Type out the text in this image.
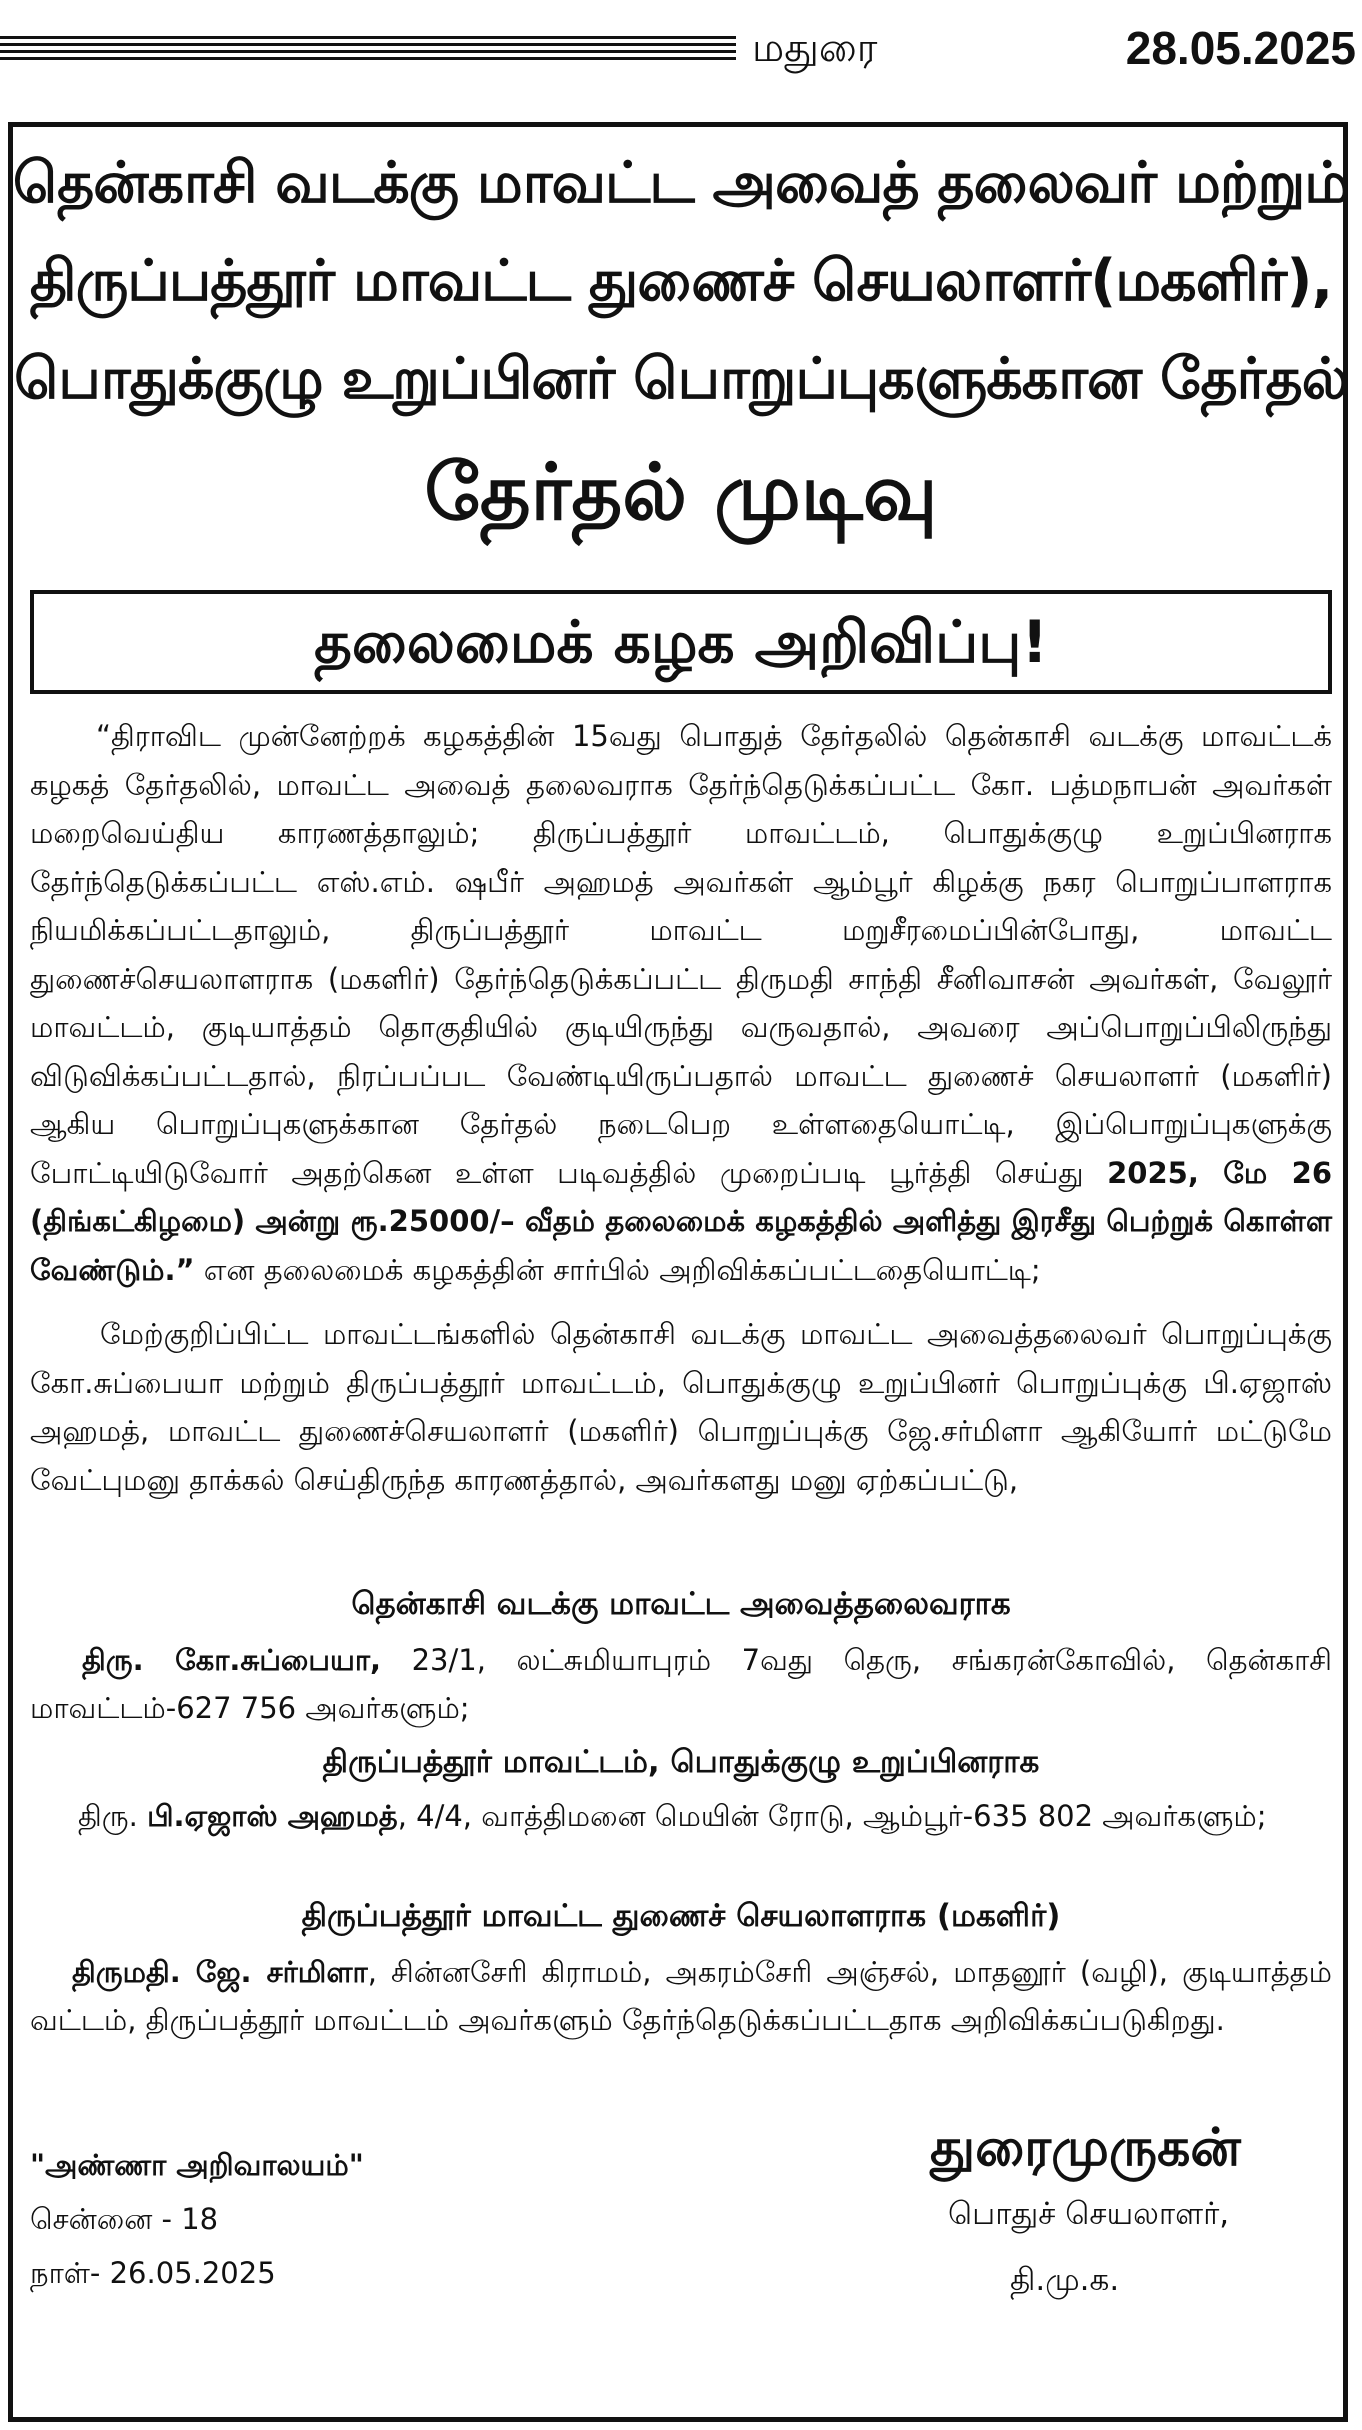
மதுரை	28.05.2025
தென்காசி வடக்கு மாவட்ட அவைத் தலைவர் மற்றும்
திருப்பத்தூர் மாவட்ட துணைச் செயலாளர்(மகளிர்),
பொதுக்குழு உறுப்பினர் பொறுப்புகளுக்கான தேர்தல்
தேர்தல் முடிவு
தலைமைக் கழக அறிவிப்பு!
“திராவிட முன்னேற்றக் கழகத்தின் 15வது பொதுத் தேர்தலில் தென்காசி வடக்கு மாவட்டக் கழகத் தேர்தலில், மாவட்ட அவைத் தலைவராக தேர்ந்தெடுக்கப்பட்ட கோ. பத்மநாபன் அவர்கள் மறைவெய்திய காரணத்தாலும்; திருப்பத்தூர் மாவட்டம், பொதுக்குழு உறுப்பினராக தேர்ந்தெடுக்கப்பட்ட எஸ்.எம். ஷபீர் அஹமத் அவர்கள் ஆம்பூர் கிழக்கு நகர பொறுப்பாளராக நியமிக்கப்பட்டதாலும், திருப்பத்தூர் மாவட்ட மறுசீரமைப்பின்போது, மாவட்ட துணைச்செயலாளராக (மகளிர்) தேர்ந்தெடுக்கப்பட்ட திருமதி சாந்தி சீனிவாசன் அவர்கள், வேலூர் மாவட்டம், குடியாத்தம் தொகுதியில் குடியிருந்து வருவதால், அவரை அப்பொறுப்பிலிருந்து விடுவிக்கப்பட்டதால், நிரப்பப்பட வேண்டியிருப்பதால் மாவட்ட துணைச் செயலாளர் (மகளிர்) ஆகிய பொறுப்புகளுக்கான தேர்தல் நடைபெற உள்ளதையொட்டி, இப்பொறுப்புகளுக்கு போட்டியிடுவோர் அதற்கென உள்ள படிவத்தில் முறைப்படி பூர்த்தி செய்து 2025, மே 26 (திங்கட்கிழமை) அன்று ரூ.25000/– வீதம் தலைமைக் கழகத்தில் அளித்து இரசீது பெற்றுக் கொள்ள வேண்டும்.” என தலைமைக் கழகத்தின் சார்பில் அறிவிக்கப்பட்டதையொட்டி;
மேற்குறிப்பிட்ட மாவட்டங்களில் தென்காசி வடக்கு மாவட்ட அவைத்தலைவர் பொறுப்புக்கு கோ.சுப்பையா மற்றும் திருப்பத்தூர் மாவட்டம், பொதுக்குழு உறுப்பினர் பொறுப்புக்கு பி.ஏஜாஸ் அஹமத், மாவட்ட துணைச்செயலாளர் (மகளிர்) பொறுப்புக்கு ஜே.சர்மிளா ஆகியோர் மட்டுமே வேட்புமனு தாக்கல் செய்திருந்த காரணத்தால், அவர்களது மனு ஏற்கப்பட்டு,
தென்காசி வடக்கு மாவட்ட அவைத்தலைவராக
திரு. கோ.சுப்பையா, 23/1, லட்சுமியாபுரம் 7வது தெரு, சங்கரன்கோவில், தென்காசி மாவட்டம்-627 756 அவர்களும்;
திருப்பத்தூர் மாவட்டம், பொதுக்குழு உறுப்பினராக
திரு. பி.ஏஜாஸ் அஹமத், 4/4, வாத்திமனை மெயின் ரோடு, ஆம்பூர்-635 802 அவர்களும்;
திருப்பத்தூர் மாவட்ட துணைச் செயலாளராக (மகளிர்)
திருமதி. ஜே. சர்மிளா, சின்னசேரி கிராமம், அகரம்சேரி அஞ்சல், மாதனூர் (வழி), குடியாத்தம் வட்டம், திருப்பத்தூர் மாவட்டம் அவர்களும் தேர்ந்தெடுக்கப்பட்டதாக அறிவிக்கப்படுகிறது.
"அண்ணா அறிவாலயம்"
சென்னை - 18
நாள்- 26.05.2025
துரைமுருகன்
பொதுச் செயலாளர்,
தி.மு.க.
